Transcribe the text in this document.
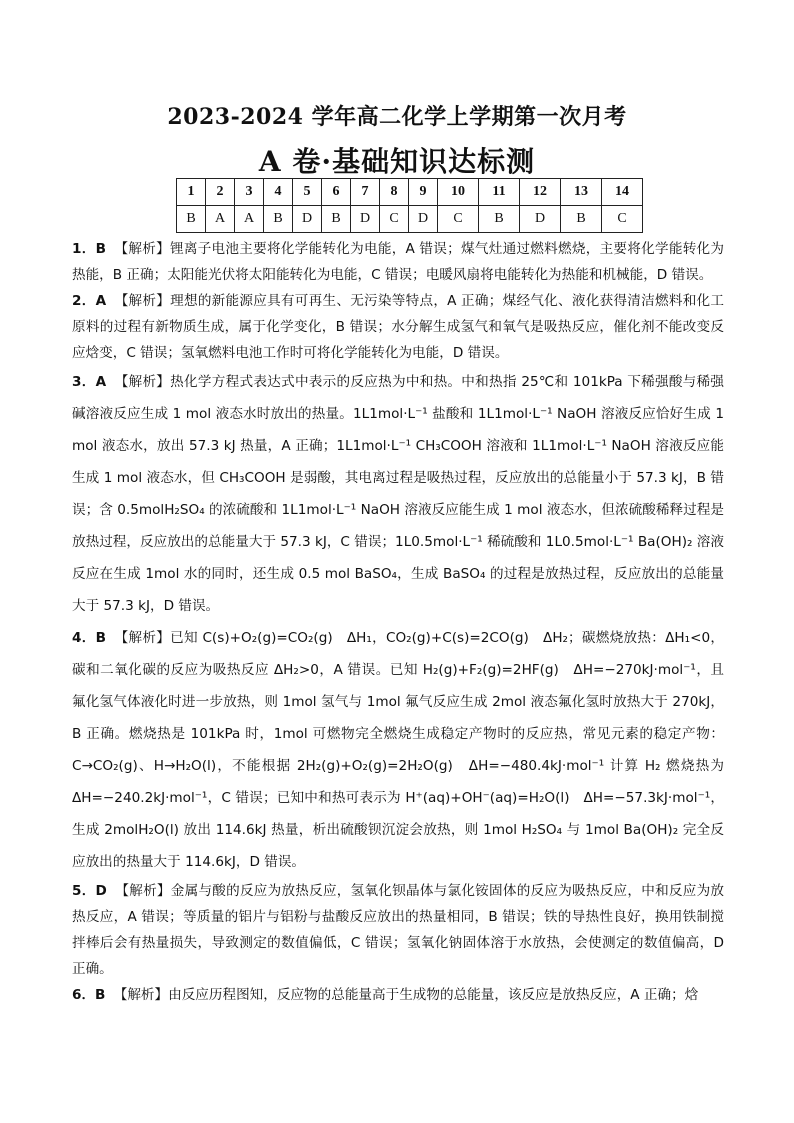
2023-2024 学年高二化学上学期第一次月考
A 卷·基础知识达标测
1	2	3	4	5	6	7	8	9	10	11	12	13	14
B	A	A	B	D	B	D	C	D	C	B	D	B	C

1．B 【解析】锂离子电池主要将化学能转化为电能，A 错误；煤气灶通过燃料燃烧，主要将化学能转化为热能，B 正确；太阳能光伏将太阳能转化为电能，C 错误；电暖风扇将电能转化为热能和机械能，D 错误。

2．A 【解析】理想的新能源应具有可再生、无污染等特点，A 正确；煤经气化、液化获得清洁燃料和化工原料的过程有新物质生成，属于化学变化，B 错误；水分解生成氢气和氧气是吸热反应，催化剂不能改变反应焓变，C 错误；氢氧燃料电池工作时可将化学能转化为电能，D 错误。

3．A 【解析】热化学方程式表达式中表示的反应热为中和热。中和热指 25℃和 101kPa 下稀强酸与稀强碱溶液反应生成 1 mol 液态水时放出的热量。1L1mol·L⁻¹ 盐酸和 1L1mol·L⁻¹ NaOH 溶液反应恰好生成 1 mol 液态水，放出 57.3 kJ 热量，A 正确；1L1mol·L⁻¹ CH₃COOH 溶液和 1L1mol·L⁻¹ NaOH 溶液反应能生成 1 mol 液态水，但 CH₃COOH 是弱酸，其电离过程是吸热过程，反应放出的总能量小于 57.3 kJ，B 错误；含 0.5molH₂SO₄ 的浓硫酸和 1L1mol·L⁻¹ NaOH 溶液反应能生成 1 mol 液态水，但浓硫酸稀释过程是放热过程，反应放出的总能量大于 57.3 kJ，C 错误；1L0.5mol·L⁻¹ 稀硫酸和 1L0.5mol·L⁻¹ Ba(OH)₂ 溶液反应在生成 1mol 水的同时，还生成 0.5 mol BaSO₄，生成 BaSO₄ 的过程是放热过程，反应放出的总能量大于 57.3 kJ，D 错误。

4．B 【解析】已知 C(s)+O₂(g)=CO₂(g)　ΔH₁，CO₂(g)+C(s)=2CO(g)　ΔH₂；碳燃烧放热：ΔH₁<0，碳和二氧化碳的反应为吸热反应 ΔH₂>0，A 错误。已知 H₂(g)+F₂(g)=2HF(g)　ΔH=−270kJ·mol⁻¹，且氟化氢气体液化时进一步放热，则 1mol 氢气与 1mol 氟气反应生成 2mol 液态氟化氢时放热大于 270kJ，B 正确。燃烧热是 101kPa 时，1mol 可燃物完全燃烧生成稳定产物时的反应热，常见元素的稳定产物：C→CO₂(g)、H→H₂O(l)，不能根据 2H₂(g)+O₂(g)=2H₂O(g)　ΔH=−480.4kJ·mol⁻¹ 计算 H₂ 燃烧热为 ΔH=−240.2kJ·mol⁻¹，C 错误；已知中和热可表示为 H⁺(aq)+OH⁻(aq)=H₂O(l)　ΔH=−57.3kJ·mol⁻¹，生成 2molH₂O(l) 放出 114.6kJ 热量，析出硫酸钡沉淀会放热，则 1mol H₂SO₄ 与 1mol Ba(OH)₂ 完全反应放出的热量大于 114.6kJ，D 错误。

5．D 【解析】金属与酸的反应为放热反应，氢氧化钡晶体与氯化铵固体的反应为吸热反应，中和反应为放热反应，A 错误；等质量的铝片与铝粉与盐酸反应放出的热量相同，B 错误；铁的导热性良好，换用铁制搅拌棒后会有热量损失，导致测定的数值偏低，C 错误；氢氧化钠固体溶于水放热，会使测定的数值偏高，D 正确。

6．B 【解析】由反应历程图知，反应物的总能量高于生成物的总能量，该反应是放热反应，A 正确；焓
